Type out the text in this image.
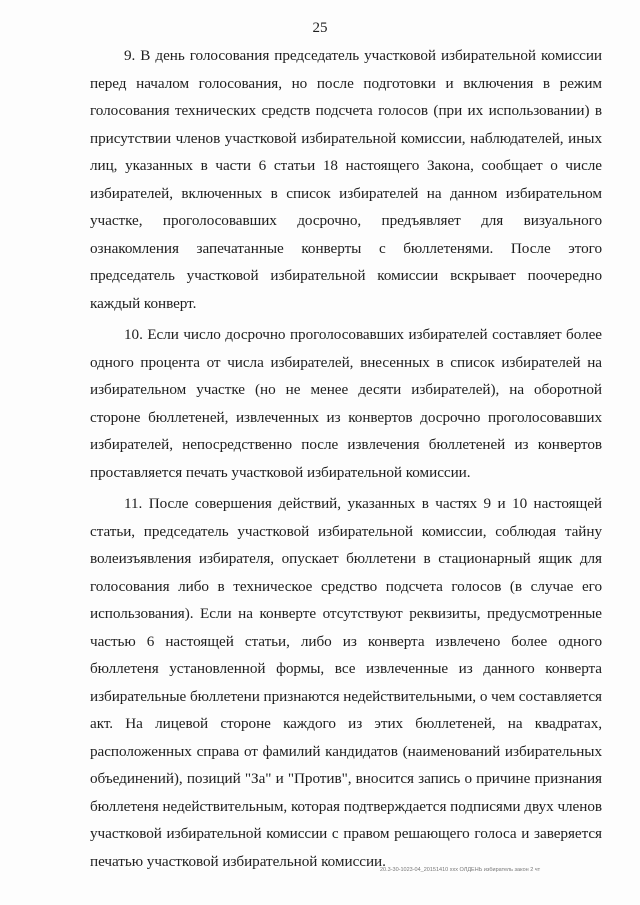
25

9. В день голосования председатель участковой избирательной комиссии перед началом голосования, но после подготовки и включения в режим голосования технических средств подсчета голосов (при их использовании) в присутствии членов участковой избирательной комиссии, наблюдателей, иных лиц, указанных в части 6 статьи 18 настоящего Закона, сообщает о числе избирателей, включенных в список избирателей на данном избирательном участке, проголосовавших досрочно, предъявляет для визуального ознакомления запечатанные конверты с бюллетенями. После этого председатель участковой избирательной комиссии вскрывает поочередно каждый конверт.

10. Если число досрочно проголосовавших избирателей составляет более одного процента от числа избирателей, внесенных в список избирателей на избирательном участке (но не менее десяти избирателей), на оборотной стороне бюллетеней, извлеченных из конвертов досрочно проголосовавших избирателей, непосредственно после извлечения бюллетеней из конвертов проставляется печать участковой избирательной комиссии.

11. После совершения действий, указанных в частях 9 и 10 настоящей статьи, председатель участковой избирательной комиссии, соблюдая тайну волеизъявления избирателя, опускает бюллетени в стационарный ящик для голосования либо в техническое средство подсчета голосов (в случае его использования). Если на конверте отсутствуют реквизиты, предусмотренные частью 6 настоящей статьи, либо из конверта извлечено более одного бюллетеня установленной формы, все извлеченные из данного конверта избирательные бюллетени признаются недействительными, о чем составляется акт. На лицевой стороне каждого из этих бюллетеней, на квадратах, расположенных справа от фамилий кандидатов (наименований избирательных объединений), позиций "За" и "Против", вносится запись о причине признания бюллетеня недействительным, которая подтверждается подписями двух членов участковой избирательной комиссии с правом решающего голоса и заверяется печатью участковой избирательной комиссии.

20.3-30-1023-04_20151410 ххх ОЛДЕНЬ избиратель закон 2 чт
